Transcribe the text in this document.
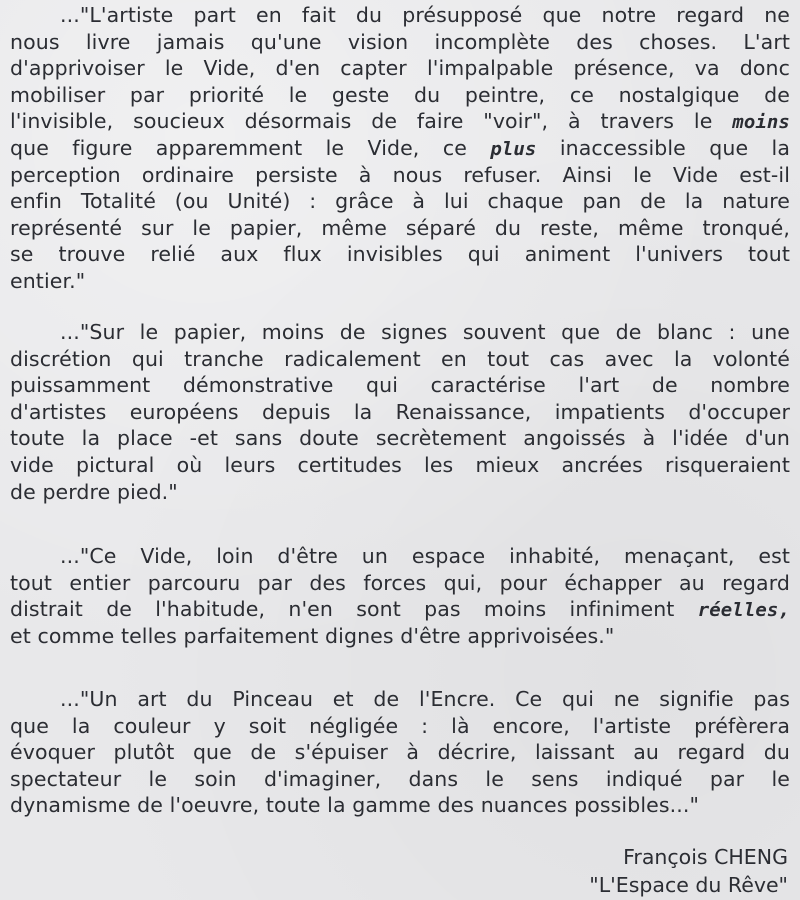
..."L'artiste part en fait du présupposé que notre regard ne
nous livre jamais qu'une vision incomplète des choses. L'art
d'apprivoiser le Vide, d'en capter l'impalpable présence, va donc
mobiliser par priorité le geste du peintre, ce nostalgique de
l'invisible, soucieux désormais de faire "voir", à travers le moins
que figure apparemment le Vide, ce plus inaccessible que la
perception ordinaire persiste à nous refuser. Ainsi le Vide est-il
enfin Totalité (ou Unité) : grâce à lui chaque pan de la nature
représenté sur le papier, même séparé du reste, même tronqué,
se trouve relié aux flux invisibles qui animent l'univers tout
entier."
..."Sur le papier, moins de signes souvent que de blanc : une
discrétion qui tranche radicalement en tout cas avec la volonté
puissamment démonstrative qui caractérise l'art de nombre
d'artistes européens depuis la Renaissance, impatients d'occuper
toute la place -et sans doute secrètement angoissés à l'idée d'un
vide pictural où leurs certitudes les mieux ancrées risqueraient
de perdre pied."
..."Ce Vide, loin d'être un espace inhabité, menaçant, est
tout entier parcouru par des forces qui, pour échapper au regard
distrait de l'habitude, n'en sont pas moins infiniment réelles,
et comme telles parfaitement dignes d'être apprivoisées."
..."Un art du Pinceau et de l'Encre. Ce qui ne signifie pas
que la couleur y soit négligée : là encore, l'artiste préfèrera
évoquer plutôt que de s'épuiser à décrire, laissant au regard du
spectateur le soin d'imaginer, dans le sens indiqué par le
dynamisme de l'oeuvre, toute la gamme des nuances possibles..."
François CHENG
"L'Espace du Rêve"
